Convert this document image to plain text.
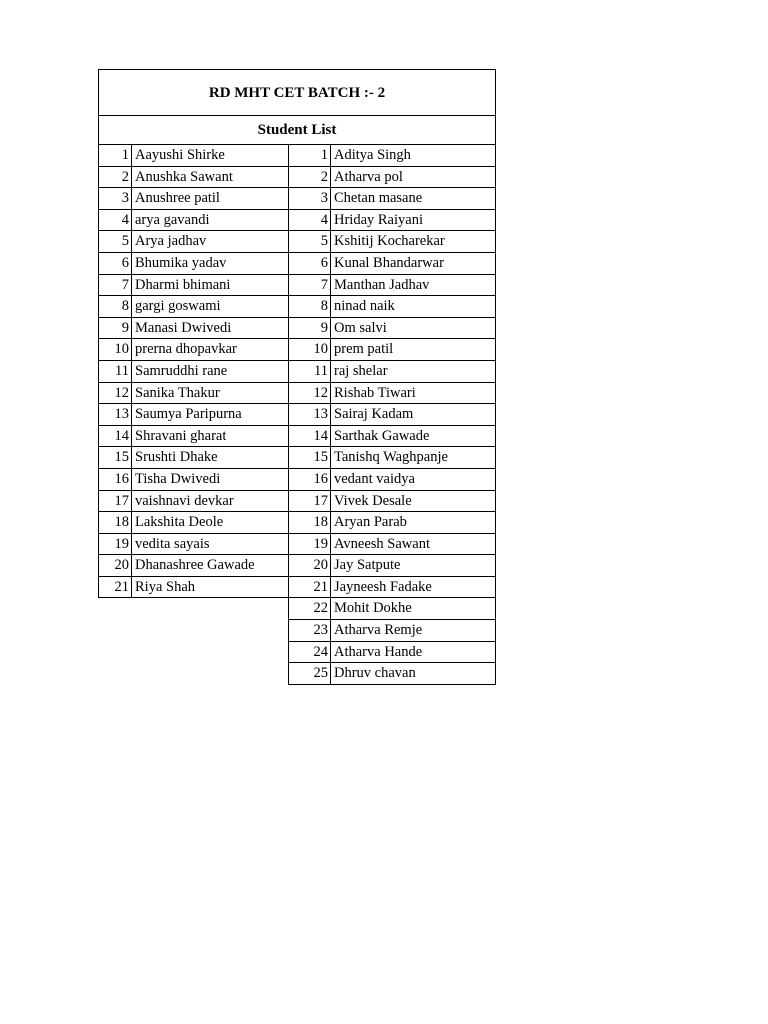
RD MHT CET BATCH :- 2
Student List
1 Aayushi Shirke
2 Anushka Sawant
3 Anushree patil
4 arya gavandi
5 Arya jadhav
6 Bhumika yadav
7 Dharmi bhimani
8 gargi goswami
9 Manasi Dwivedi
10 prerna dhopavkar
11 Samruddhi rane
12 Sanika Thakur
13 Saumya Paripurna
14 Shravani gharat
15 Srushti Dhake
16 Tisha Dwivedi
17 vaishnavi devkar
18 Lakshita Deole
19 vedita sayais
20 Dhanashree Gawade
21 Riya Shah
1 Aditya Singh
2 Atharva pol
3 Chetan masane
4 Hriday Raiyani
5 Kshitij Kocharekar
6 Kunal Bhandarwar
7 Manthan Jadhav
8 ninad naik
9 Om salvi
10 prem patil
11 raj shelar
12 Rishab Tiwari
13 Sairaj Kadam
14 Sarthak Gawade
15 Tanishq Waghpanje
16 vedant vaidya
17 Vivek Desale
18 Aryan Parab
19 Avneesh Sawant
20 Jay Satpute
21 Jayneesh Fadake
22 Mohit Dokhe
23 Atharva Remje
24 Atharva Hande
25 Dhruv chavan
